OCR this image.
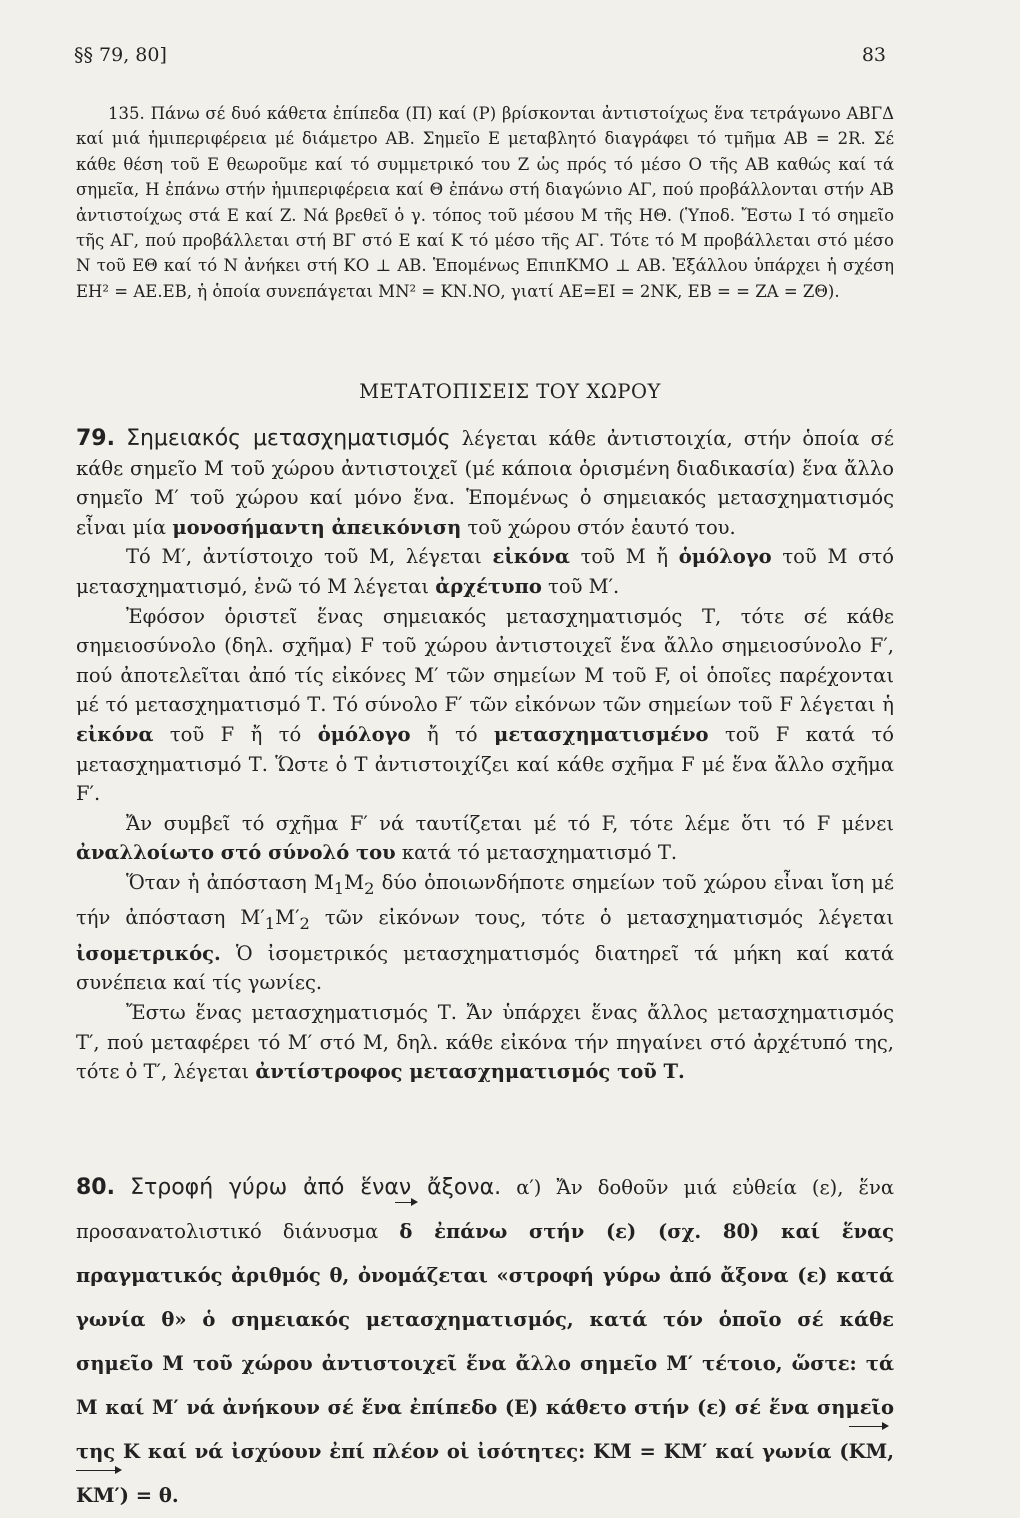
§§ 79, 80]	83

135. Πάνω σέ δυό κάθετα ἐπίπεδα (Π) καί (Ρ) βρίσκονται ἀντιστοίχως ἕνα τετράγωνο ΑΒΓΔ καί μιά ἡμιπεριφέρεια μέ διάμετρο ΑΒ. Σημεῖο Ε μεταβλητό διαγράφει τό τμῆμα ΑΒ = 2R. Σέ κάθε θέση τοῦ Ε θεωροῦμε καί τό συμμετρικό του Ζ ὡς πρός τό μέσο Ο τῆς ΑΒ καθώς καί τά σημεῖα, Η ἐπάνω στήν ἡμιπεριφέρεια καί Θ ἐπάνω στή διαγώνιο ΑΓ, πού προβάλλονται στήν ΑΒ ἀντιστοίχως στά Ε καί Ζ. Νά βρεθεῖ ὁ γ. τόπος τοῦ μέσου Μ τῆς ΗΘ. (Ὑποδ. Ἔστω Ι τό σημεῖο τῆς ΑΓ, πού προβάλλεται στή ΒΓ στό Ε καί Κ τό μέσο τῆς ΑΓ. Τότε τό Μ προβάλλεται στό μέσο Ν τοῦ ΕΘ καί τό Ν ἀνήκει στή ΚΟ ⊥ ΑΒ. Ἑπομένως ΕπιπΚΜΟ ⊥ ΑΒ. Ἐξάλλου ὑπάρχει ἡ σχέση ΕΗ² = ΑΕ.ΕΒ, ἡ ὁποία συνεπάγεται ΜΝ² = ΚΝ.ΝΟ, γιατί ΑΕ=ΕΙ = 2ΝΚ, ΕΒ = = ΖΑ = ΖΘ).

ΜΕΤΑΤΟΠΙΣΕΙΣ ΤΟΥ ΧΩΡΟΥ

79. Σημειακός μετασχηματισμός λέγεται κάθε ἀντιστοιχία, στήν ὁποία σέ κάθε σημεῖο Μ τοῦ χώρου ἀντιστοιχεῖ (μέ κάποια ὁρισμένη διαδικασία) ἕνα ἄλλο σημεῖο Μ′ τοῦ χώρου καί μόνο ἕνα. Ἑπομένως ὁ σημειακός μετασχηματισμός εἶναι μία μονοσήμαντη ἀπεικόνιση τοῦ χώρου στόν ἑαυτό του.

Τό Μ′, ἀντίστοιχο τοῦ Μ, λέγεται εἰκόνα τοῦ Μ ἤ ὁμόλογο τοῦ Μ στό μετασχηματισμό, ἐνῶ τό Μ λέγεται ἀρχέτυπο τοῦ Μ′.

Ἐφόσον ὁριστεῖ ἕνας σημειακός μετασχηματισμός Τ, τότε σέ κάθε σημειοσύνολο (δηλ. σχῆμα) F τοῦ χώρου ἀντιστοιχεῖ ἕνα ἄλλο σημειοσύνολο F′, πού ἀποτελεῖται ἀπό τίς εἰκόνες Μ′ τῶν σημείων Μ τοῦ F, οἱ ὁποῖες παρέχονται μέ τό μετασχηματισμό Τ. Τό σύνολο F′ τῶν εἰκόνων τῶν σημείων τοῦ F λέγεται ἡ εἰκόνα τοῦ F ἤ τό ὁμόλογο ἤ τό μετασχηματισμένο τοῦ F κατά τό μετασχηματισμό Τ. Ὥστε ὁ Τ ἀντιστοιχίζει καί κάθε σχῆμα F μέ ἕνα ἄλλο σχῆμα F′.

Ἄν συμβεῖ τό σχῆμα F′ νά ταυτίζεται μέ τό F, τότε λέμε ὅτι τό F μένει ἀναλλοίωτο στό σύνολό του κατά τό μετασχηματισμό Τ.

Ὅταν ἡ ἀπόσταση $M_1M_2$ δύο ὁποιωνδήποτε σημείων τοῦ χώρου εἶναι ἴση μέ τήν ἀπόσταση $M'_1M'_2$ τῶν εἰκόνων τους, τότε ὁ μετασχηματισμός λέγεται ἰσομετρικός. Ὁ ἰσομετρικός μετασχηματισμός διατηρεῖ τά μήκη καί κατά συνέπεια καί τίς γωνίες.

Ἔστω ἕνας μετασχηματισμός Τ. Ἄν ὑπάρχει ἕνας ἄλλος μετασχηματισμός Τ′, πού μεταφέρει τό Μ′ στό Μ, δηλ. κάθε εἰκόνα τήν πηγαίνει στό ἀρχέτυπό της, τότε ὁ Τ′, λέγεται ἀντίστροφος μετασχηματισμός τοῦ Τ.

80. Στροφή γύρω ἀπό ἕναν ἄξονα. α′) Ἄν δοθοῦν μιά εὐθεία (ε), ἕνα προσανατολιστικό διάνυσμα δ ἐπάνω στήν (ε) (σχ. 80) καί ἕνας πραγματικός ἀριθμός θ, ὀνομάζεται «στροφή γύρω ἀπό ἄξονα (ε) κατά γωνία θ» ὁ σημειακός μετασχηματισμός, κατά τόν ὁποῖο σέ κάθε σημεῖο Μ τοῦ χώρου ἀντιστοιχεῖ ἕνα ἄλλο σημεῖο Μ′ τέτοιο, ὥστε: τά Μ καί Μ′ νά ἀνήκουν σέ ἕνα ἐπίπεδο (Ε) κάθετο στήν (ε) σέ ἕνα σημεῖο της Κ καί νά ἰσχύουν ἐπί πλέον οἱ ἰσότητες: ΚΜ = ΚΜ′ καί γωνία (ΚΜ, ΚΜ′) = θ.
